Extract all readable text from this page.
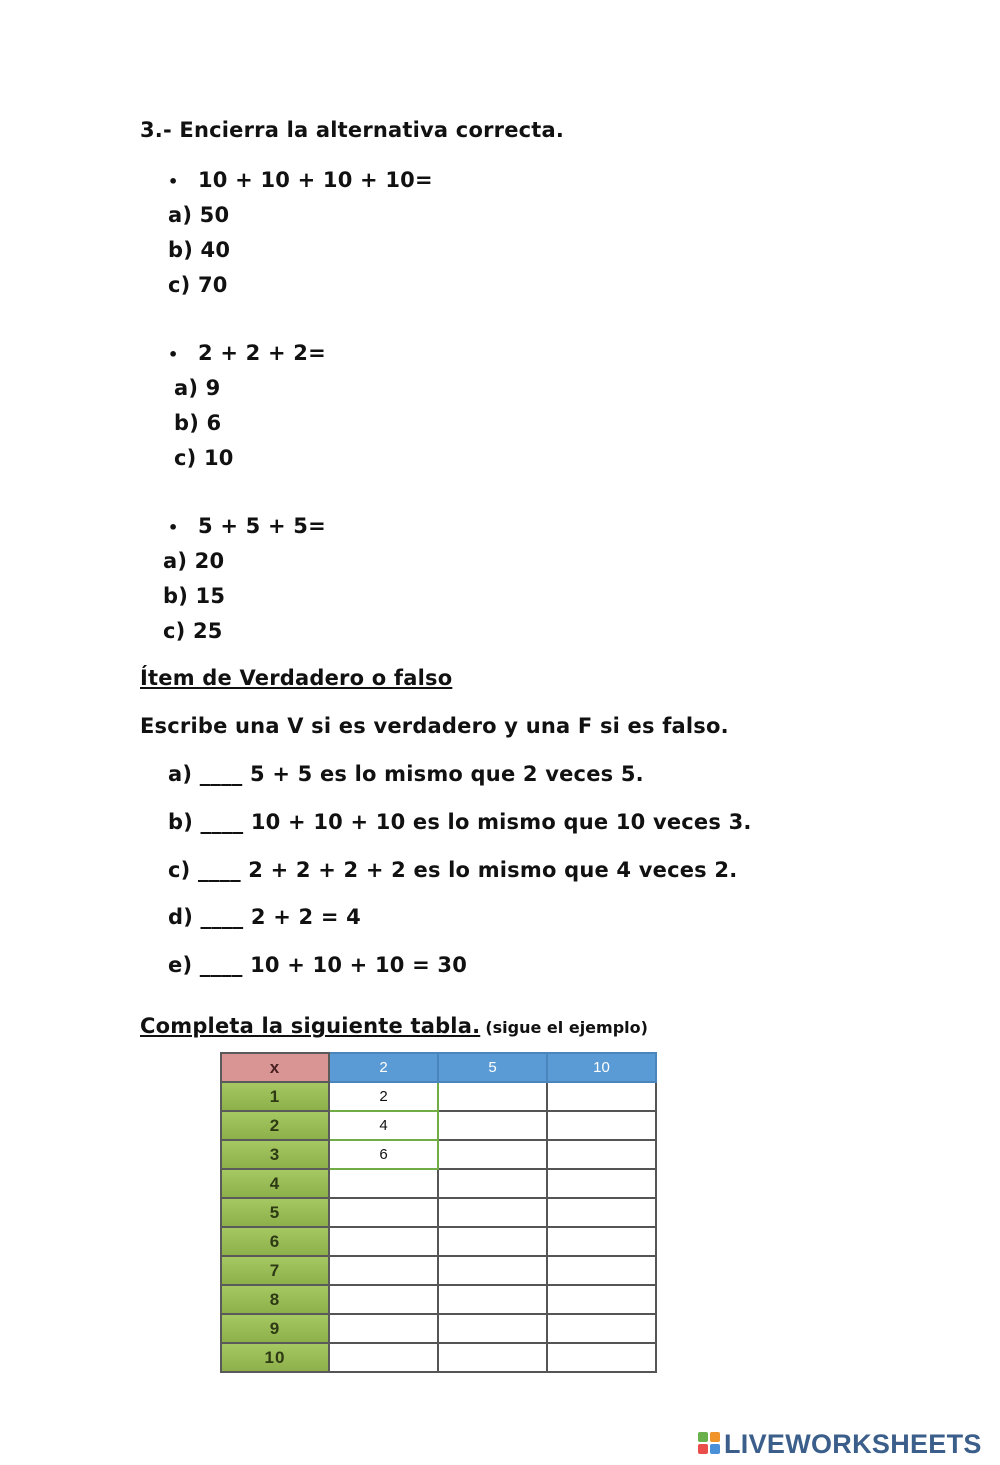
3.- Encierra la alternativa correcta.
• 10 + 10 + 10 + 10=
a) 50
b) 40
c) 70
• 2 + 2 + 2=
a) 9
b) 6
c) 10
• 5 + 5 + 5=
a) 20
b) 15
c) 25
Ítem de Verdadero o falso
Escribe una V si es verdadero y una F si es falso.
a) ____ 5 + 5 es lo mismo que 2 veces 5.
b) ____ 10 + 10 + 10 es lo mismo que 10 veces 3.
c) ____ 2 + 2 + 2 + 2 es lo mismo que 4 veces 2.
d) ____ 2 + 2 = 4
e) ____ 10 + 10 + 10 = 30
Completa la siguiente tabla. (sigue el ejemplo)
x	2	5	10
1	2		
2	4		
3	6		
4			
5			
6			
7			
8			
9			
10			
LIVEWORKSHEETS
